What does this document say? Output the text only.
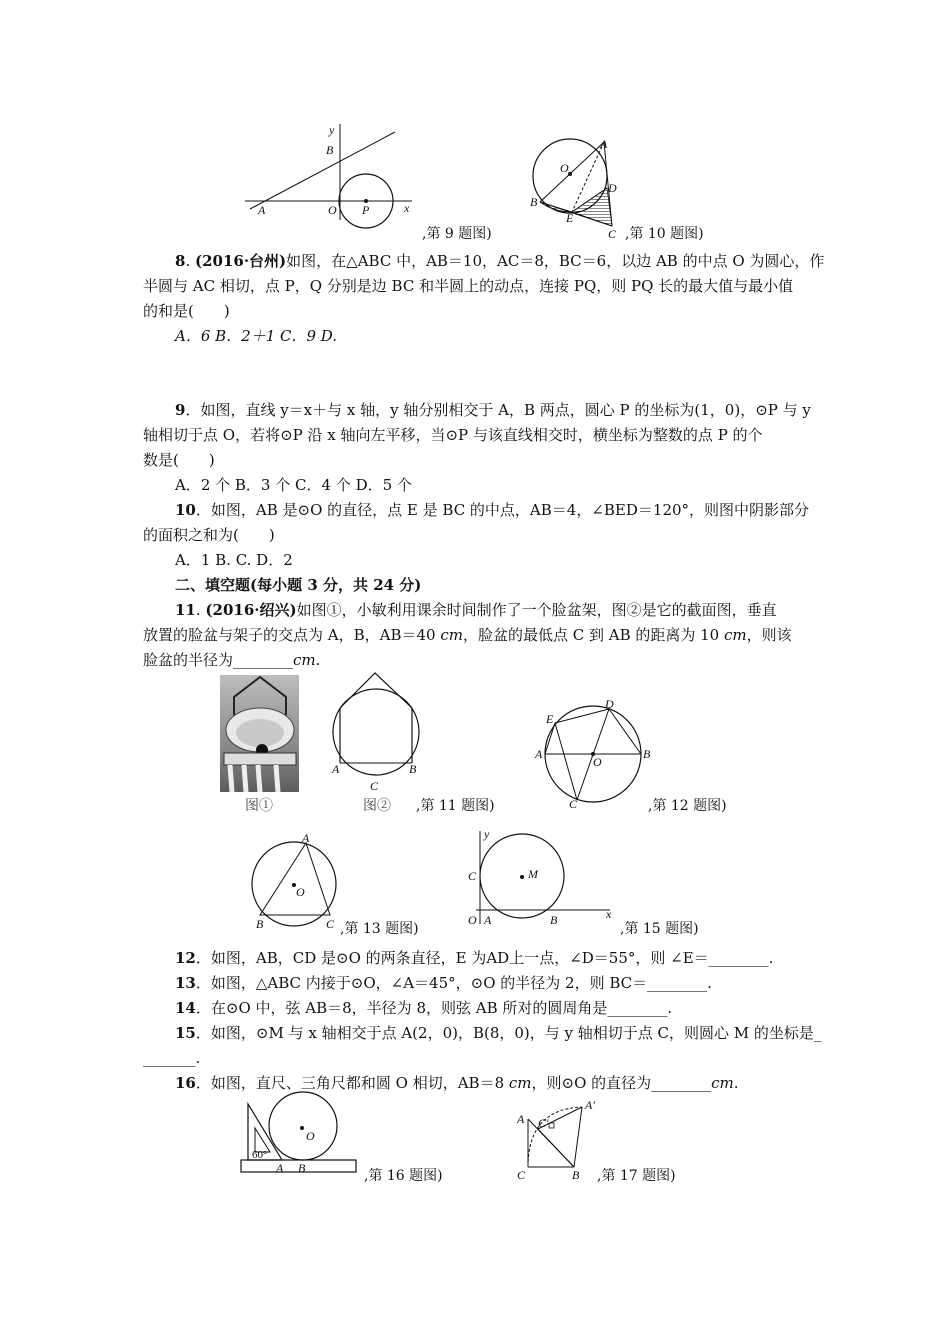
y
B
A	O P	x
,第 9 题图)
A
O
D
B
E
C ,第 10 题图)
8. (2016·台州)如图，在△ABC 中，AB＝10，AC＝8，BC＝6，以边 AB 的中点 O 为圆心，作
半圆与 AC 相切，点 P，Q 分别是边 BC 和半圆上的动点，连接 PQ，则 PQ 长的最大值与最小值
的和是(　　)
A．6 B．2＋1 C．9 D.
9．如图，直线 y＝x＋与 x 轴，y 轴分别相交于 A，B 两点，圆心 P 的坐标为(1，0)，⊙P 与 y
轴相切于点 O，若将⊙P 沿 x 轴向左平移，当⊙P 与该直线相交时，横坐标为整数的点 P 的个
数是(　　)
A．2 个 B．3 个 C．4 个 D．5 个
10．如图，AB 是⊙O 的直径，点 E 是 BC 的中点，AB＝4，∠BED＝120°，则图中阴影部分
的面积之和为(　　)
A．1 B. C. D．2
二、填空题(每小题 3 分，共 24 分)
11. (2016·绍兴)如图①，小敏利用课余时间制作了一个脸盆架，图②是它的截面图，垂直
放置的脸盆与架子的交点为 A，B，AB＝40 cm，脸盆的最低点 C 到 AB 的距离为 10 cm，则该
脸盆的半径为________cm.
图①
A	B
C
图② ,第 11 题图)
E
D
A
O
B
C	,第 12 题图)
A
O
B	C ,第 13 题图)
y
C	M
O A	B	x
,第 15 题图)
12．如图，AB，CD 是⊙O 的两条直径，E 为AD上一点，∠D＝55°，则 ∠E＝________.
13．如图，△ABC 内接于⊙O，∠A＝45°，⊙O 的半径为 2，则 BC＝________.
14．在⊙O 中，弦 AB＝8，半径为 8，则弦 AB 所对的圆周角是________.
15．如图，⊙M 与 x 轴相交于点 A(2，0)，B(8，0)，与 y 轴相切于点 C，则圆心 M 的坐标是_
_______.
16．如图，直尺、三角尺都和圆 O 相切，AB＝8 cm，则⊙O 的直径为________cm.
O
60°
A B	,第 16 题图)
A
A′
C′
C	B ,第 17 题图)
